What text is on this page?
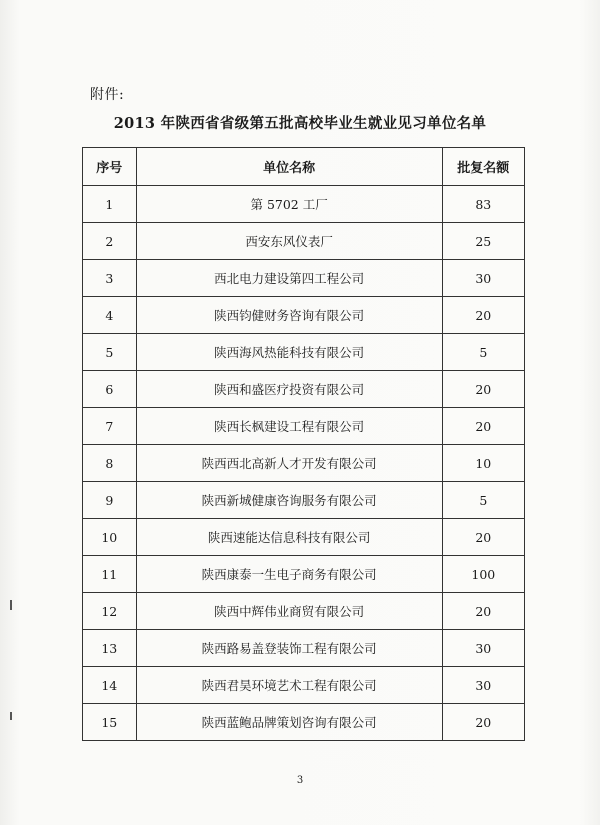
附件:
2013 年陕西省省级第五批高校毕业生就业见习单位名单
序号	单位名称	批复名额
1	第 5702 工厂	83
2	西安东风仪表厂	25
3	西北电力建设第四工程公司	30
4	陕西钧健财务咨询有限公司	20
5	陕西海风热能科技有限公司	5
6	陕西和盛医疗投资有限公司	20
7	陕西长枫建设工程有限公司	20
8	陕西西北高新人才开发有限公司	10
9	陕西新城健康咨询服务有限公司	5
10	陕西速能达信息科技有限公司	20
11	陕西康泰一生电子商务有限公司	100
12	陕西中辉伟业商贸有限公司	20
13	陕西路易盖登装饰工程有限公司	30
14	陕西君昊环境艺术工程有限公司	30
15	陕西蓝鲍品牌策划咨询有限公司	20
3
